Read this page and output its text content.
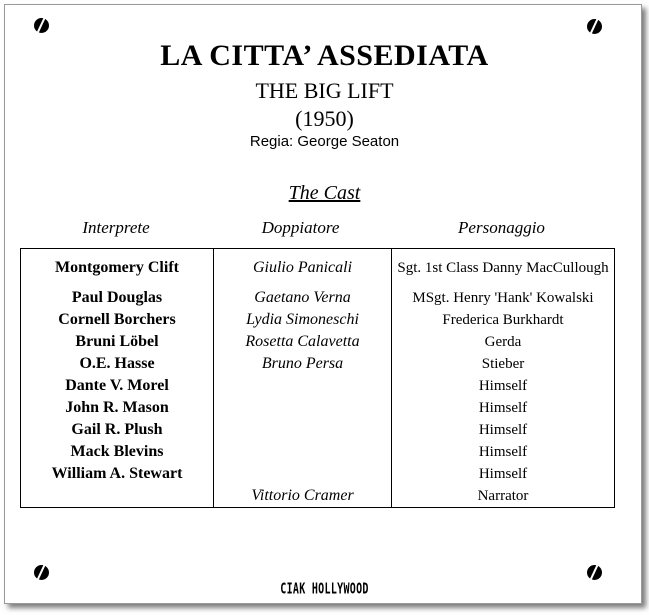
LA CITTA’ ASSEDIATA
THE BIG LIFT
(1950)
Regia: George Seaton
The Cast
Interprete	Doppiatore	Personaggio
Montgomery Clift	Giulio Panicali	Sgt. 1st Class Danny MacCullough
Paul Douglas	Gaetano Verna	MSgt. Henry 'Hank' Kowalski
Cornell Borchers	Lydia Simoneschi	Frederica Burkhardt
Bruni Löbel	Rosetta Calavetta	Gerda
O.E. Hasse	Bruno Persa	Stieber
Dante V. Morel		Himself
John R. Mason		Himself
Gail R. Plush		Himself
Mack Blevins		Himself
William A. Stewart		Himself
	Vittorio Cramer	Narrator
CIAK HOLLYWOOD
